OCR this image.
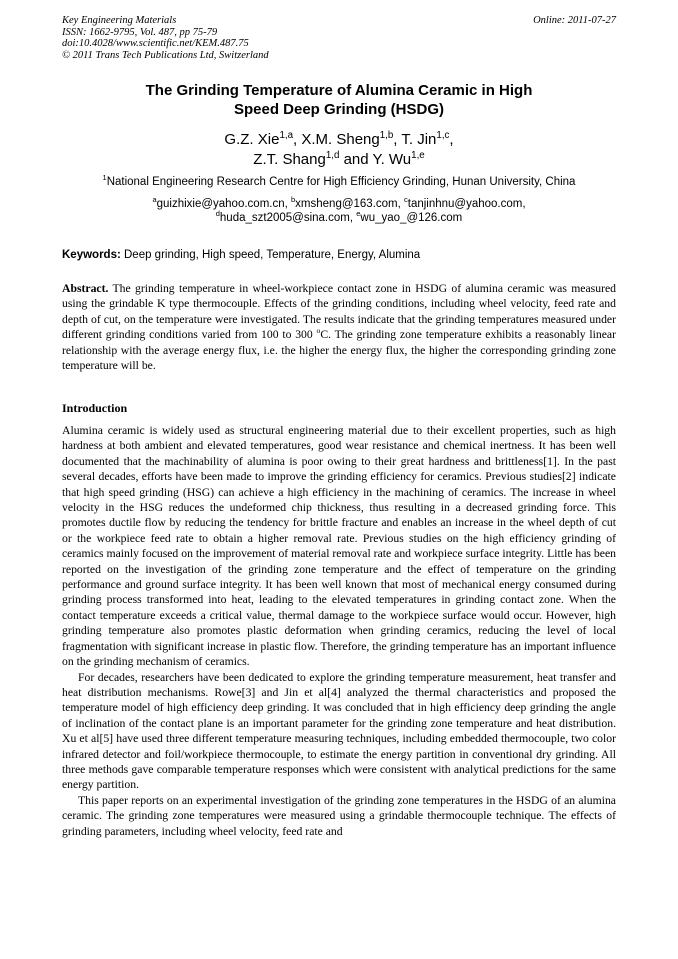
Key Engineering Materials
ISSN: 1662-9795, Vol. 487, pp 75-79
doi:10.4028/www.scientific.net/KEM.487.75
© 2011 Trans Tech Publications Ltd, Switzerland
Online: 2011-07-27
The Grinding Temperature of Alumina Ceramic in High
Speed Deep Grinding (HSDG)
G.Z. Xie$^{1,a}$, X.M. Sheng$^{1,b}$, T. Jin$^{1,c}$,
Z.T. Shang$^{1,d}$ and Y. Wu$^{1,e}$
$^1$National Engineering Research Centre for High Efficiency Grinding, Hunan University, China
$^a$guizhixie@yahoo.com.cn, $^b$xmsheng@163.com, $^c$tanjinhnu@yahoo.com,
$^d$huda_szt2005@sina.com, $^e$wu_yao_@126.com
Keywords: Deep grinding, High speed, Temperature, Energy, Alumina
Abstract. The grinding temperature in wheel-workpiece contact zone in HSDG of alumina ceramic was measured using the grindable K type thermocouple. Effects of the grinding conditions, including wheel velocity, feed rate and depth of cut, on the temperature were investigated. The results indicate that the grinding temperatures measured under different grinding conditions varied from 100 to 300 $^o$C. The grinding zone temperature exhibits a reasonably linear relationship with the average energy flux, i.e. the higher the energy flux, the higher the corresponding grinding zone temperature will be.
Introduction

Alumina ceramic is widely used as structural engineering material due to their excellent properties, such as high hardness at both ambient and elevated temperatures, good wear resistance and chemical inertness. It has been well documented that the machinability of alumina is poor owing to their great hardness and brittleness[1]. In the past several decades, efforts have been made to improve the grinding efficiency for ceramics. Previous studies[2] indicate that high speed grinding (HSG) can achieve a high efficiency in the machining of ceramics. The increase in wheel velocity in the HSG reduces the undeformed chip thickness, thus resulting in a decreased grinding force. This promotes ductile flow by reducing the tendency for brittle fracture and enables an increase in the wheel depth of cut or the workpiece feed rate to obtain a higher removal rate. Previous studies on the high efficiency grinding of ceramics mainly focused on the improvement of material removal rate and workpiece surface integrity. Little has been reported on the investigation of the grinding zone temperature and the effect of temperature on the grinding performance and ground surface integrity. It has been well known that most of mechanical energy consumed during grinding process transformed into heat, leading to the elevated temperatures in grinding contact zone. When the contact temperature exceeds a critical value, thermal damage to the workpiece surface would occur. However, high grinding temperature also promotes plastic deformation when grinding ceramics, reducing the level of local fragmentation with significant increase in plastic flow. Therefore, the grinding temperature has an important influence on the grinding mechanism of ceramics.

For decades, researchers have been dedicated to explore the grinding temperature measurement, heat transfer and heat distribution mechanisms. Rowe[3] and Jin et al[4] analyzed the thermal characteristics and proposed the temperature model of high efficiency deep grinding. It was concluded that in high efficiency deep grinding the angle of inclination of the contact plane is an important parameter for the grinding zone temperature and heat distribution. Xu et al[5] have used three different temperature measuring techniques, including embedded thermocouple, two color infrared detector and foil/workpiece thermocouple, to estimate the energy partition in conventional dry grinding. All three methods gave comparable temperature responses which were consistent with analytical predictions for the same energy partition.

This paper reports on an experimental investigation of the grinding zone temperatures in the HSDG of an alumina ceramic. The grinding zone temperatures were measured using a grindable thermocouple technique. The effects of grinding parameters, including wheel velocity, feed rate and
